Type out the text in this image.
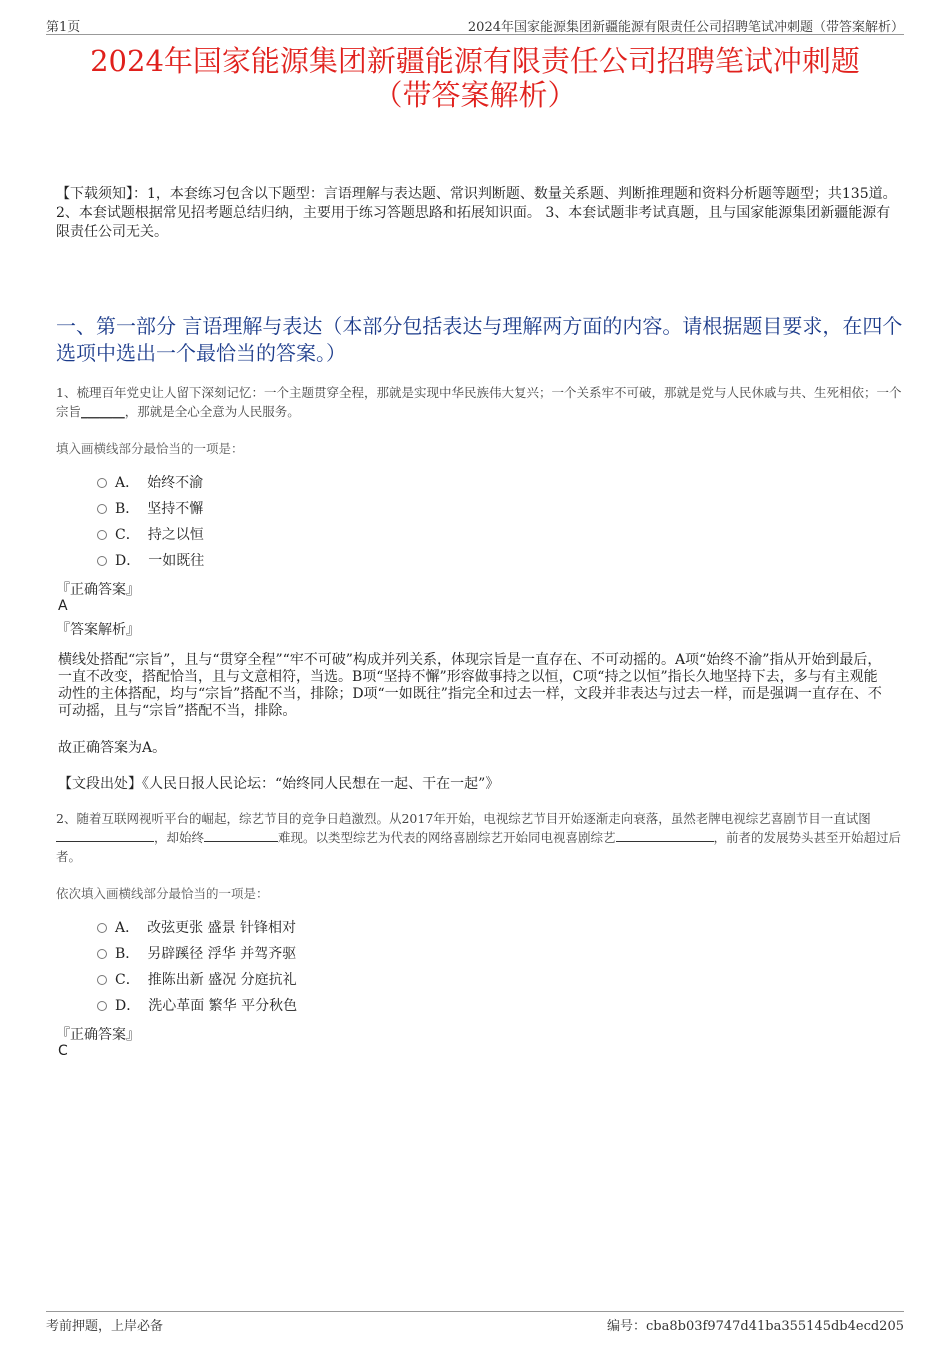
第1页	2024年国家能源集团新疆能源有限责任公司招聘笔试冲刺题（带答案解析）
2024年国家能源集团新疆能源有限责任公司招聘笔试冲刺题
（带答案解析）
【下载须知】：1，本套练习包含以下题型：言语理解与表达题、常识判断题、数量关系题、判断推理题和资料分析题等题型；共135道。 2、本套试题根据常见招考题总结归纳，主要用于练习答题思路和拓展知识面。 3、本套试题非考试真题，且与国家能源集团新疆能源有限责任公司无关。
一、第一部分 言语理解与表达（本部分包括表达与理解两方面的内容。请根据题目要求，在四个选项中选出一个最恰当的答案。）
1、梳理百年党史让人留下深刻记忆：一个主题贯穿全程，那就是实现中华民族伟大复兴；一个关系牢不可破，那就是党与人民休戚与共、生死相依；一个宗旨_______，那就是全心全意为人民服务。
填入画横线部分最恰当的一项是：
A． 始终不渝
B． 坚持不懈
C． 持之以恒
D． 一如既往
『正确答案』
A
『答案解析』
横线处搭配“宗旨”，且与“贯穿全程”“牢不可破”构成并列关系，体现宗旨是一直存在、不可动摇的。A项“始终不渝”指从开始到最后，一直不改变，搭配恰当，且与文意相符，当选。B项“坚持不懈”形容做事持之以恒，C项“持之以恒”指长久地坚持下去，多与有主观能动性的主体搭配，均与“宗旨”搭配不当，排除；D项“一如既往”指完全和过去一样，文段并非表达与过去一样，而是强调一直存在、不可动摇，且与“宗旨”搭配不当，排除。
故正确答案为A。
【文段出处】《人民日报人民论坛：“始终同人民想在一起、干在一起”》
2、随着互联网视听平台的崛起，综艺节目的竞争日趋激烈。从2017年开始，电视综艺节目开始逐渐走向衰落，虽然老牌电视综艺喜剧节目一直试图，却始终	难现。以类型综艺为代表的网络喜剧综艺开始同电视喜剧综艺	，前者的发展势头甚至开始超过后者。
依次填入画横线部分最恰当的一项是：
A． 改弦更张 盛景 针锋相对
B． 另辟蹊径 浮华 并驾齐驱
C． 推陈出新 盛况 分庭抗礼
D． 洗心革面 繁华 平分秋色
『正确答案』
C
考前押题，上岸必备	编号：cba8b03f9747d41ba355145db4ecd205
